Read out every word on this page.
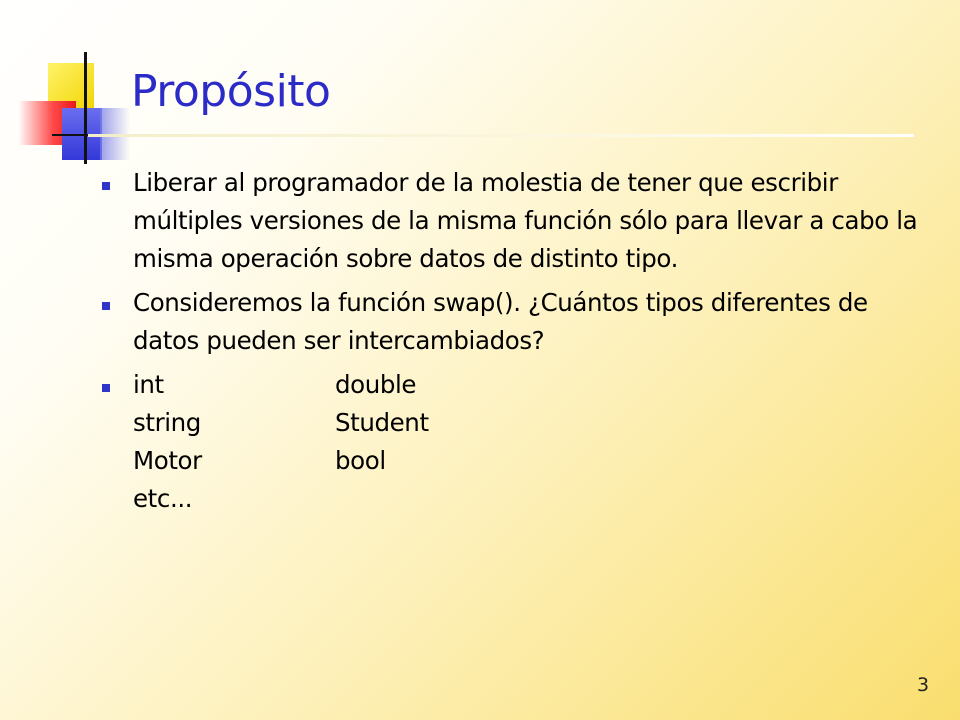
Propósito
Liberar al programador de la molestia de tener que escribir múltiples versiones de la misma función sólo para llevar a cabo la misma operación sobre datos de distinto tipo.
Consideremos la función swap(). ¿Cuántos tipos diferentes de datos pueden ser intercambiados?
int	double
string	Student
Motor	bool
etc...
3
